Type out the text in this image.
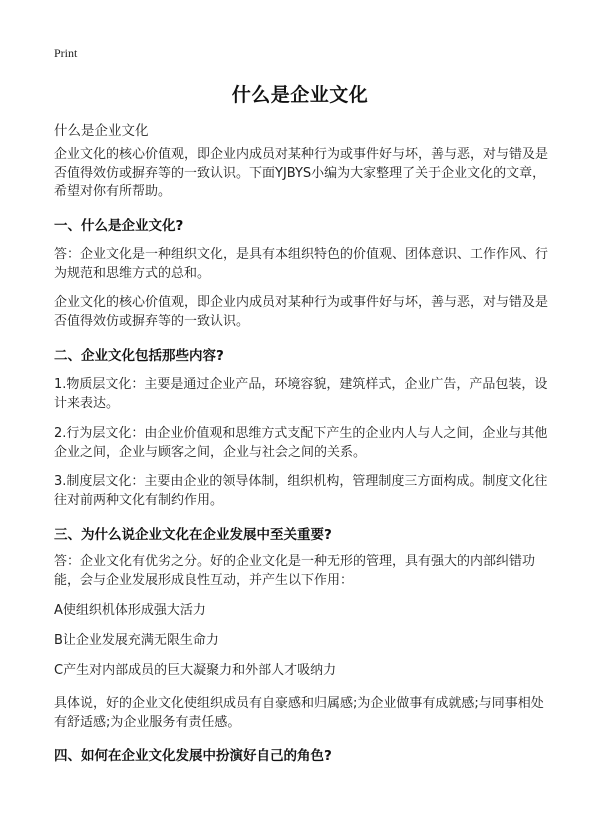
Print
什么是企业文化
什么是企业文化
企业文化的核心价值观，即企业内成员对某种行为或事件好与坏，善与恶，对与错及是否值得效仿或摒弃等的一致认识。下面YJBYS小编为大家整理了关于企业文化的文章，希望对你有所帮助。
一、什么是企业文化?
答：企业文化是一种组织文化，是具有本组织特色的价值观、团体意识、工作作风、行为规范和思维方式的总和。
企业文化的核心价值观，即企业内成员对某种行为或事件好与坏，善与恶，对与错及是否值得效仿或摒弃等的一致认识。
二、企业文化包括那些内容?
1.物质层文化：主要是通过企业产品，环境容貌，建筑样式，企业广告，产品包装，设计来表达。
2.行为层文化：由企业价值观和思维方式支配下产生的企业内人与人之间，企业与其他企业之间，企业与顾客之间，企业与社会之间的关系。
3.制度层文化：主要由企业的领导体制，组织机构，管理制度三方面构成。制度文化往往对前两种文化有制约作用。
三、为什么说企业文化在企业发展中至关重要?
答：企业文化有优劣之分。好的企业文化是一种无形的管理，具有强大的内部纠错功能，会与企业发展形成良性互动，并产生以下作用：
A使组织机体形成强大活力
B让企业发展充满无限生命力
C产生对内部成员的巨大凝聚力和外部人才吸纳力
具体说，好的企业文化使组织成员有自豪感和归属感;为企业做事有成就感;与同事相处有舒适感;为企业服务有责任感。
四、如何在企业文化发展中扮演好自己的角色?
